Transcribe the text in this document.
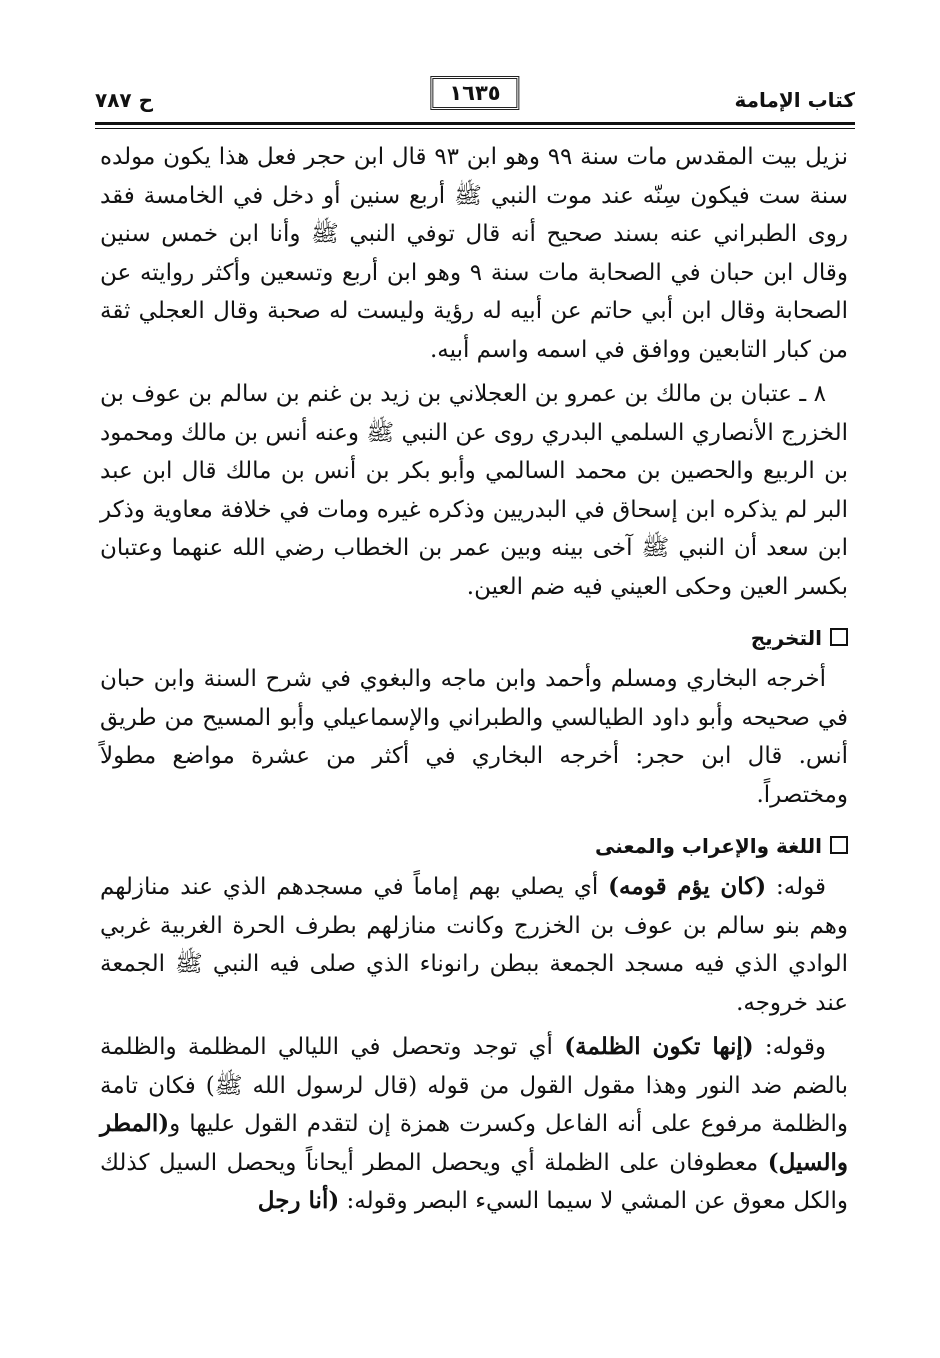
كتاب الإمامة
١٦٣٥
ح ٧٨٧

نزيل بيت المقدس مات سنة ٩٩ وهو ابن ٩٣ قال ابن حجر فعل هذا يكون مولده سنة ست فيكون سِنّه عند موت النبي ﷺ أربع سنين أو دخل في الخامسة فقد روى الطبراني عنه بسند صحيح أنه قال توفي النبي ﷺ وأنا ابن خمس سنين وقال ابن حبان في الصحابة مات سنة ٩ وهو ابن أربع وتسعين وأكثر روايته عن الصحابة وقال ابن أبي حاتم عن أبيه له رؤية وليست له صحبة وقال العجلي ثقة من كبار التابعين ووافق في اسمه واسم أبيه.

٨ ـ عتبان بن مالك بن عمرو بن العجلاني بن زيد بن غنم بن سالم بن عوف بن الخزرج الأنصاري السلمي البدري روى عن النبي ﷺ وعنه أنس بن مالك ومحمود بن الربيع والحصين بن محمد السالمي وأبو بكر بن أنس بن مالك قال ابن عبد البر لم يذكره ابن إسحاق في البدريين وذكره غيره ومات في خلافة معاوية وذكر ابن سعد أن النبي ﷺ آخى بينه وبين عمر بن الخطاب رضي الله عنهما وعتبان بكسر العين وحكى العيني فيه ضم العين.

التخريج

أخرجه البخاري ومسلم وأحمد وابن ماجه والبغوي في شرح السنة وابن حبان في صحيحه وأبو داود الطيالسي والطبراني والإسماعيلي وأبو المسيح من طريق أنس. قال ابن حجر: أخرجه البخاري في أكثر من عشرة مواضع مطولاً ومختصراً.

اللغة والإعراب والمعنى

قوله: (كان يؤم قومه) أي يصلي بهم إماماً في مسجدهم الذي عند منازلهم وهم بنو سالم بن عوف بن الخزرج وكانت منازلهم بطرف الحرة الغربية غربي الوادي الذي فيه مسجد الجمعة ببطن رانوناء الذي صلى فيه النبي ﷺ الجمعة عند خروجه.

وقوله: (إنها تكون الظلمة) أي توجد وتحصل في الليالي المظلمة والظلمة بالضم ضد النور وهذا مقول القول من قوله (قال لرسول الله ﷺ) فكان تامة والظلمة مرفوع على أنه الفاعل وكسرت همزة إن لتقدم القول عليها و(المطر والسيل) معطوفان على الظملة أي ويحصل المطر أيحاناً ويحصل السيل كذلك والكل معوق عن المشي لا سيما السيء البصر وقوله: (أنا رجل
